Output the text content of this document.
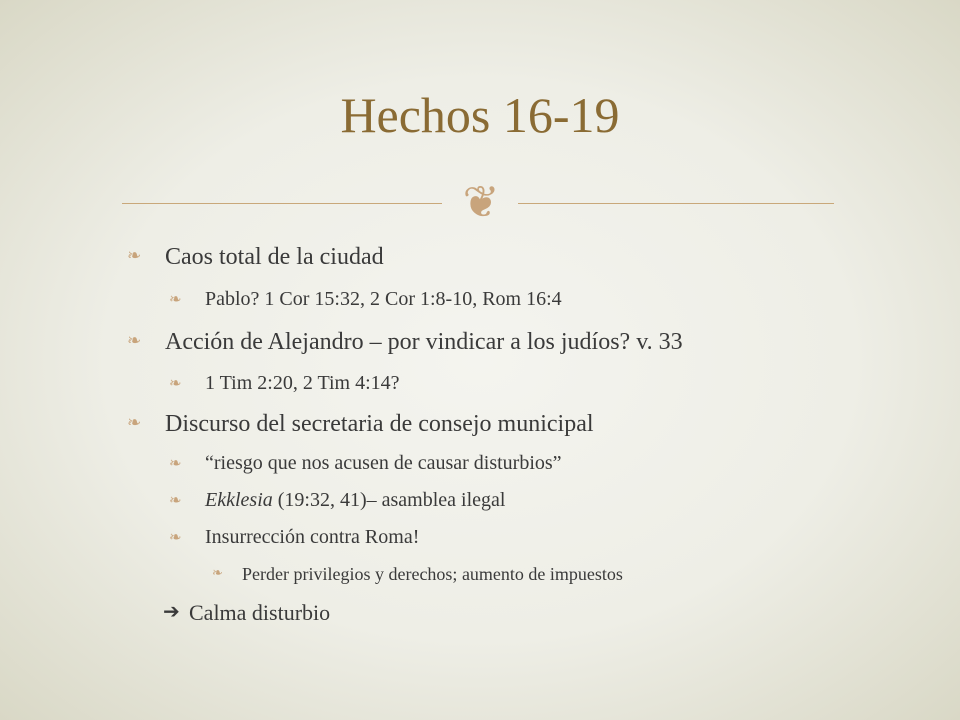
Hechos 16-19
❦
❧ Caos total de la ciudad
❧ Pablo? 1 Cor 15:32, 2 Cor 1:8-10, Rom 16:4
❧ Acción de Alejandro – por vindicar a los judíos? v. 33
❧ 1 Tim 2:20, 2 Tim 4:14?
❧ Discurso del secretaria de consejo municipal
❧ “riesgo que nos acusen de causar disturbios”
❧ Ekklesia (19:32, 41)– asamblea ilegal
❧ Insurrección contra Roma!
❧ Perder privilegios y derechos; aumento de impuestos
➔ Calma disturbio
